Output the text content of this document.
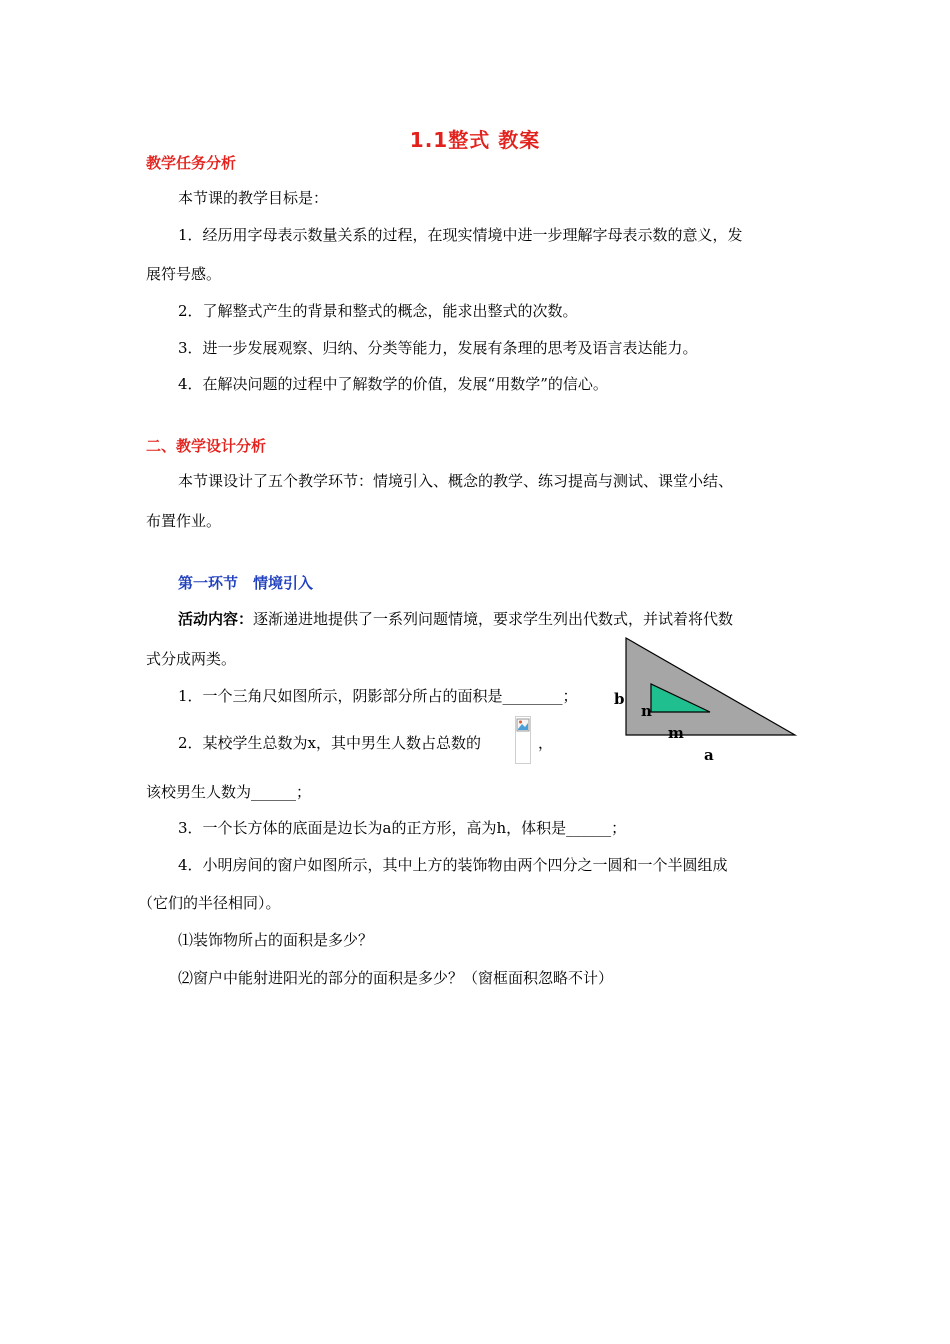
1.1整式 教案
教学任务分析
本节课的教学目标是：
1．经历用字母表示数量关系的过程，在现实情境中进一步理解字母表示数的意义，发
展符号感。
2．了解整式产生的背景和整式的概念，能求出整式的次数。
3．进一步发展观察、归纳、分类等能力，发展有条理的思考及语言表达能力。
4．在解决问题的过程中了解数学的价值，发展“用数学”的信心。
二、教学设计分析
本节课设计了五个教学环节：情境引入、概念的教学、练习提高与测试、课堂小结、
布置作业。
第一环节　情境引入
活动内容：逐渐递进地提供了一系列问题情境，要求学生列出代数式，并试着将代数
式分成两类。
1．一个三角尺如图所示，阴影部分所占的面积是________；
2．某校学生总数为x，其中男生人数占总数的	，
该校男生人数为______；
3．一个长方体的底面是边长为a的正方形，高为h，体积是______；
4．小明房间的窗户如图所示，其中上方的装饰物由两个四分之一圆和一个半圆组成
（它们的半径相同）。
⑴装饰物所占的面积是多少？
⑵窗户中能射进阳光的部分的面积是多少？（窗框面积忽略不计）
b
n
m
a
